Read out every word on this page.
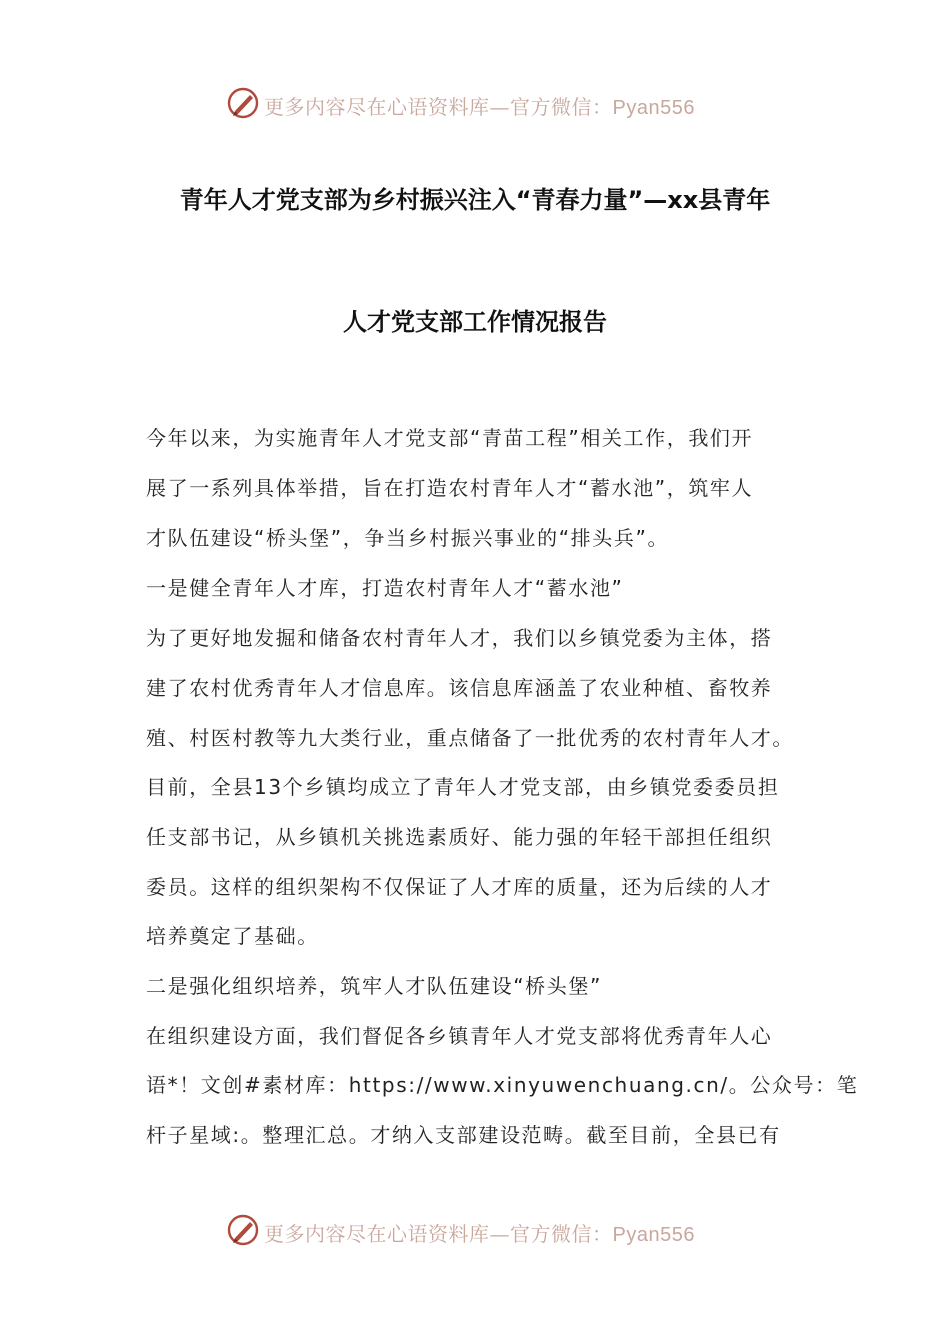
更多内容尽在心语资料库—官方微信：Pyan556
青年人才党支部为乡村振兴注入“青春力量”—xx县青年
人才党支部工作情况报告
今年以来，为实施青年人才党支部“青苗工程”相关工作，我们开
展了一系列具体举措，旨在打造农村青年人才“蓄水池”，筑牢人
才队伍建设“桥头堡”，争当乡村振兴事业的“排头兵”。
一是健全青年人才库，打造农村青年人才“蓄水池”
为了更好地发掘和储备农村青年人才，我们以乡镇党委为主体，搭
建了农村优秀青年人才信息库。该信息库涵盖了农业种植、畜牧养
殖、村医村教等九大类行业，重点储备了一批优秀的农村青年人才。
目前，全县13个乡镇均成立了青年人才党支部，由乡镇党委委员担
任支部书记，从乡镇机关挑选素质好、能力强的年轻干部担任组织
委员。这样的组织架构不仅保证了人才库的质量，还为后续的人才
培养奠定了基础。
二是强化组织培养，筑牢人才队伍建设“桥头堡”
在组织建设方面，我们督促各乡镇青年人才党支部将优秀青年人心
语*！文创#素材库：https://www.xinyuwenchuang.cn/。公众号：笔
杆子星域:。整理汇总。才纳入支部建设范畴。截至目前，全县已有
更多内容尽在心语资料库—官方微信：Pyan556
